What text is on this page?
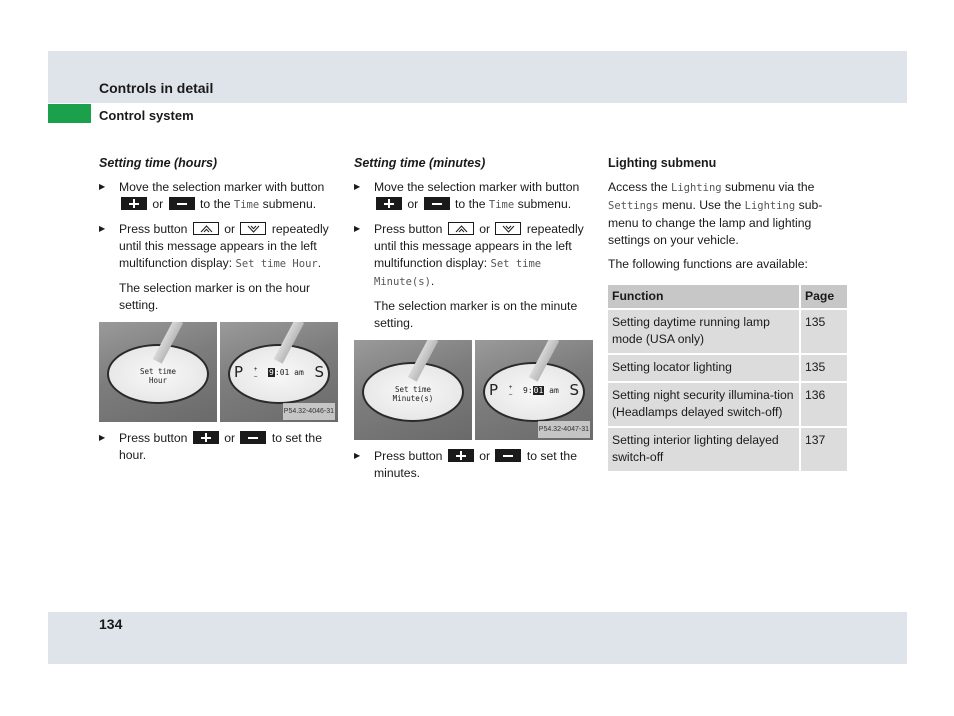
Controls in detail
Control system
Setting time (hours)
▶ Move the selection marker with button  or	to the Time submenu.
▶ Press button	or	repeatedly until this message appears in the left multifunction display: Set time Hour.
The selection marker is on the hour setting.
Set time
Hour	P +
− 9:01 am S
P54.32-4046-31
▶ Press button	or	to set the hour.
Setting time (minutes)
▶ Move the selection marker with button  or	to the Time submenu.
▶ Press button	or	repeatedly until this message appears in the left multifunction display: Set time Minute(s).
The selection marker is on the minute setting.
Set time
Minute(s)	P +
− 9:01 am S
P54.32-4047-31
▶ Press button	or	to set the minutes.
Lighting submenu
Access the Lighting submenu via the Settings menu. Use the Lighting sub-menu to change the lamp and lighting settings on your vehicle.
The following functions are available:
Function	Page
Setting daytime running lamp mode (USA only)	135
Setting locator lighting	135
Setting night security illumina-tion (Headlamps delayed switch-off)	136
Setting interior lighting delayed switch-off	137
134
